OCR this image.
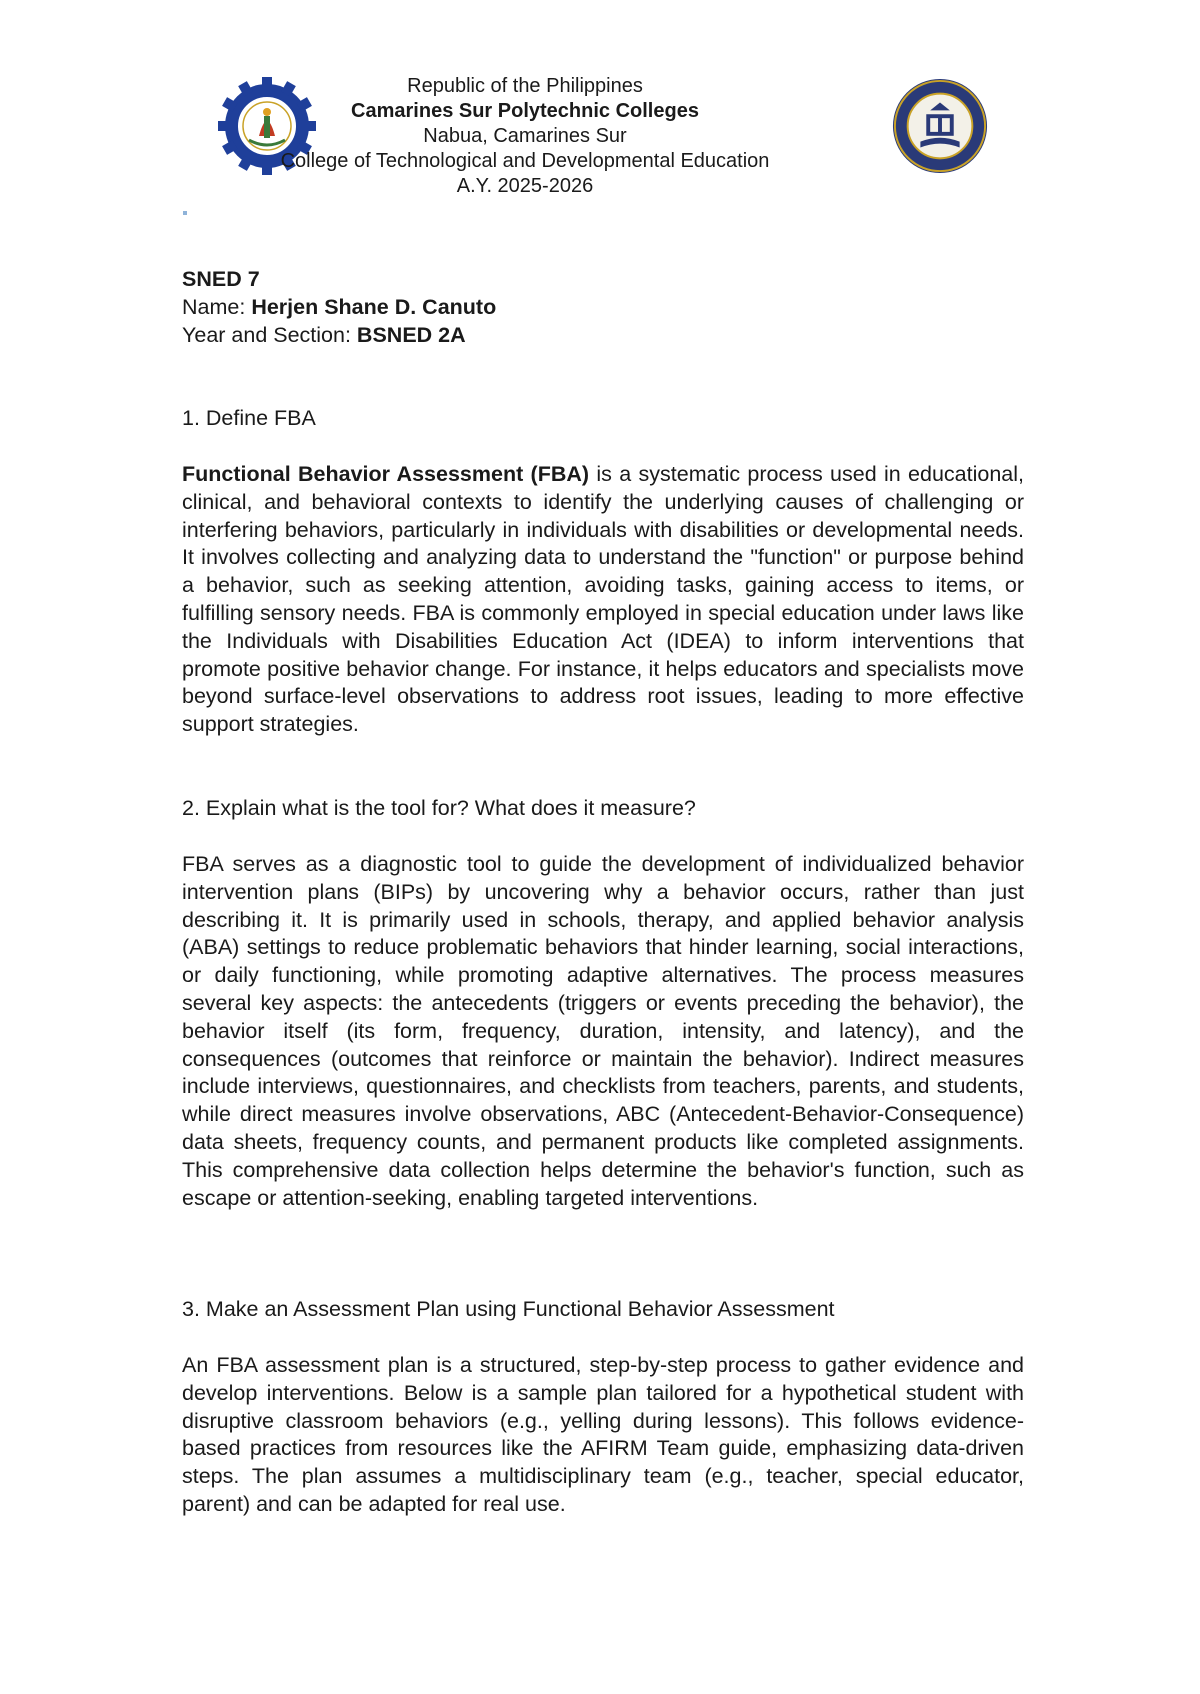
Republic of the Philippines
Camarines Sur Polytechnic Colleges
Nabua, Camarines Sur
College of Technological and Developmental Education
A.Y. 2025-2026
SNED 7
Name: Herjen Shane D. Canuto
Year and Section: BSNED 2A
1. Define FBA
Functional Behavior Assessment (FBA) is a systematic process used in educational, clinical, and behavioral contexts to identify the underlying causes of challenging or interfering behaviors, particularly in individuals with disabilities or developmental needs. It involves collecting and analyzing data to understand the "function" or purpose behind a behavior, such as seeking attention, avoiding tasks, gaining access to items, or fulfilling sensory needs. FBA is commonly employed in special education under laws like the Individuals with Disabilities Education Act (IDEA) to inform interventions that promote positive behavior change. For instance, it helps educators and specialists move beyond surface-level observations to address root issues, leading to more effective support strategies.
2. Explain what is the tool for? What does it measure?
FBA serves as a diagnostic tool to guide the development of individualized behavior intervention plans (BIPs) by uncovering why a behavior occurs, rather than just describing it. It is primarily used in schools, therapy, and applied behavior analysis (ABA) settings to reduce problematic behaviors that hinder learning, social interactions, or daily functioning, while promoting adaptive alternatives. The process measures several key aspects: the antecedents (triggers or events preceding the behavior), the behavior itself (its form, frequency, duration, intensity, and latency), and the consequences (outcomes that reinforce or maintain the behavior). Indirect measures include interviews, questionnaires, and checklists from teachers, parents, and students, while direct measures involve observations, ABC (Antecedent-Behavior-Consequence) data sheets, frequency counts, and permanent products like completed assignments. This comprehensive data collection helps determine the behavior's function, such as escape or attention-seeking, enabling targeted interventions.
3. Make an Assessment Plan using Functional Behavior Assessment
An FBA assessment plan is a structured, step-by-step process to gather evidence and develop interventions. Below is a sample plan tailored for a hypothetical student with disruptive classroom behaviors (e.g., yelling during lessons). This follows evidence-based practices from resources like the AFIRM Team guide, emphasizing data-driven steps. The plan assumes a multidisciplinary team (e.g., teacher, special educator, parent) and can be adapted for real use.
